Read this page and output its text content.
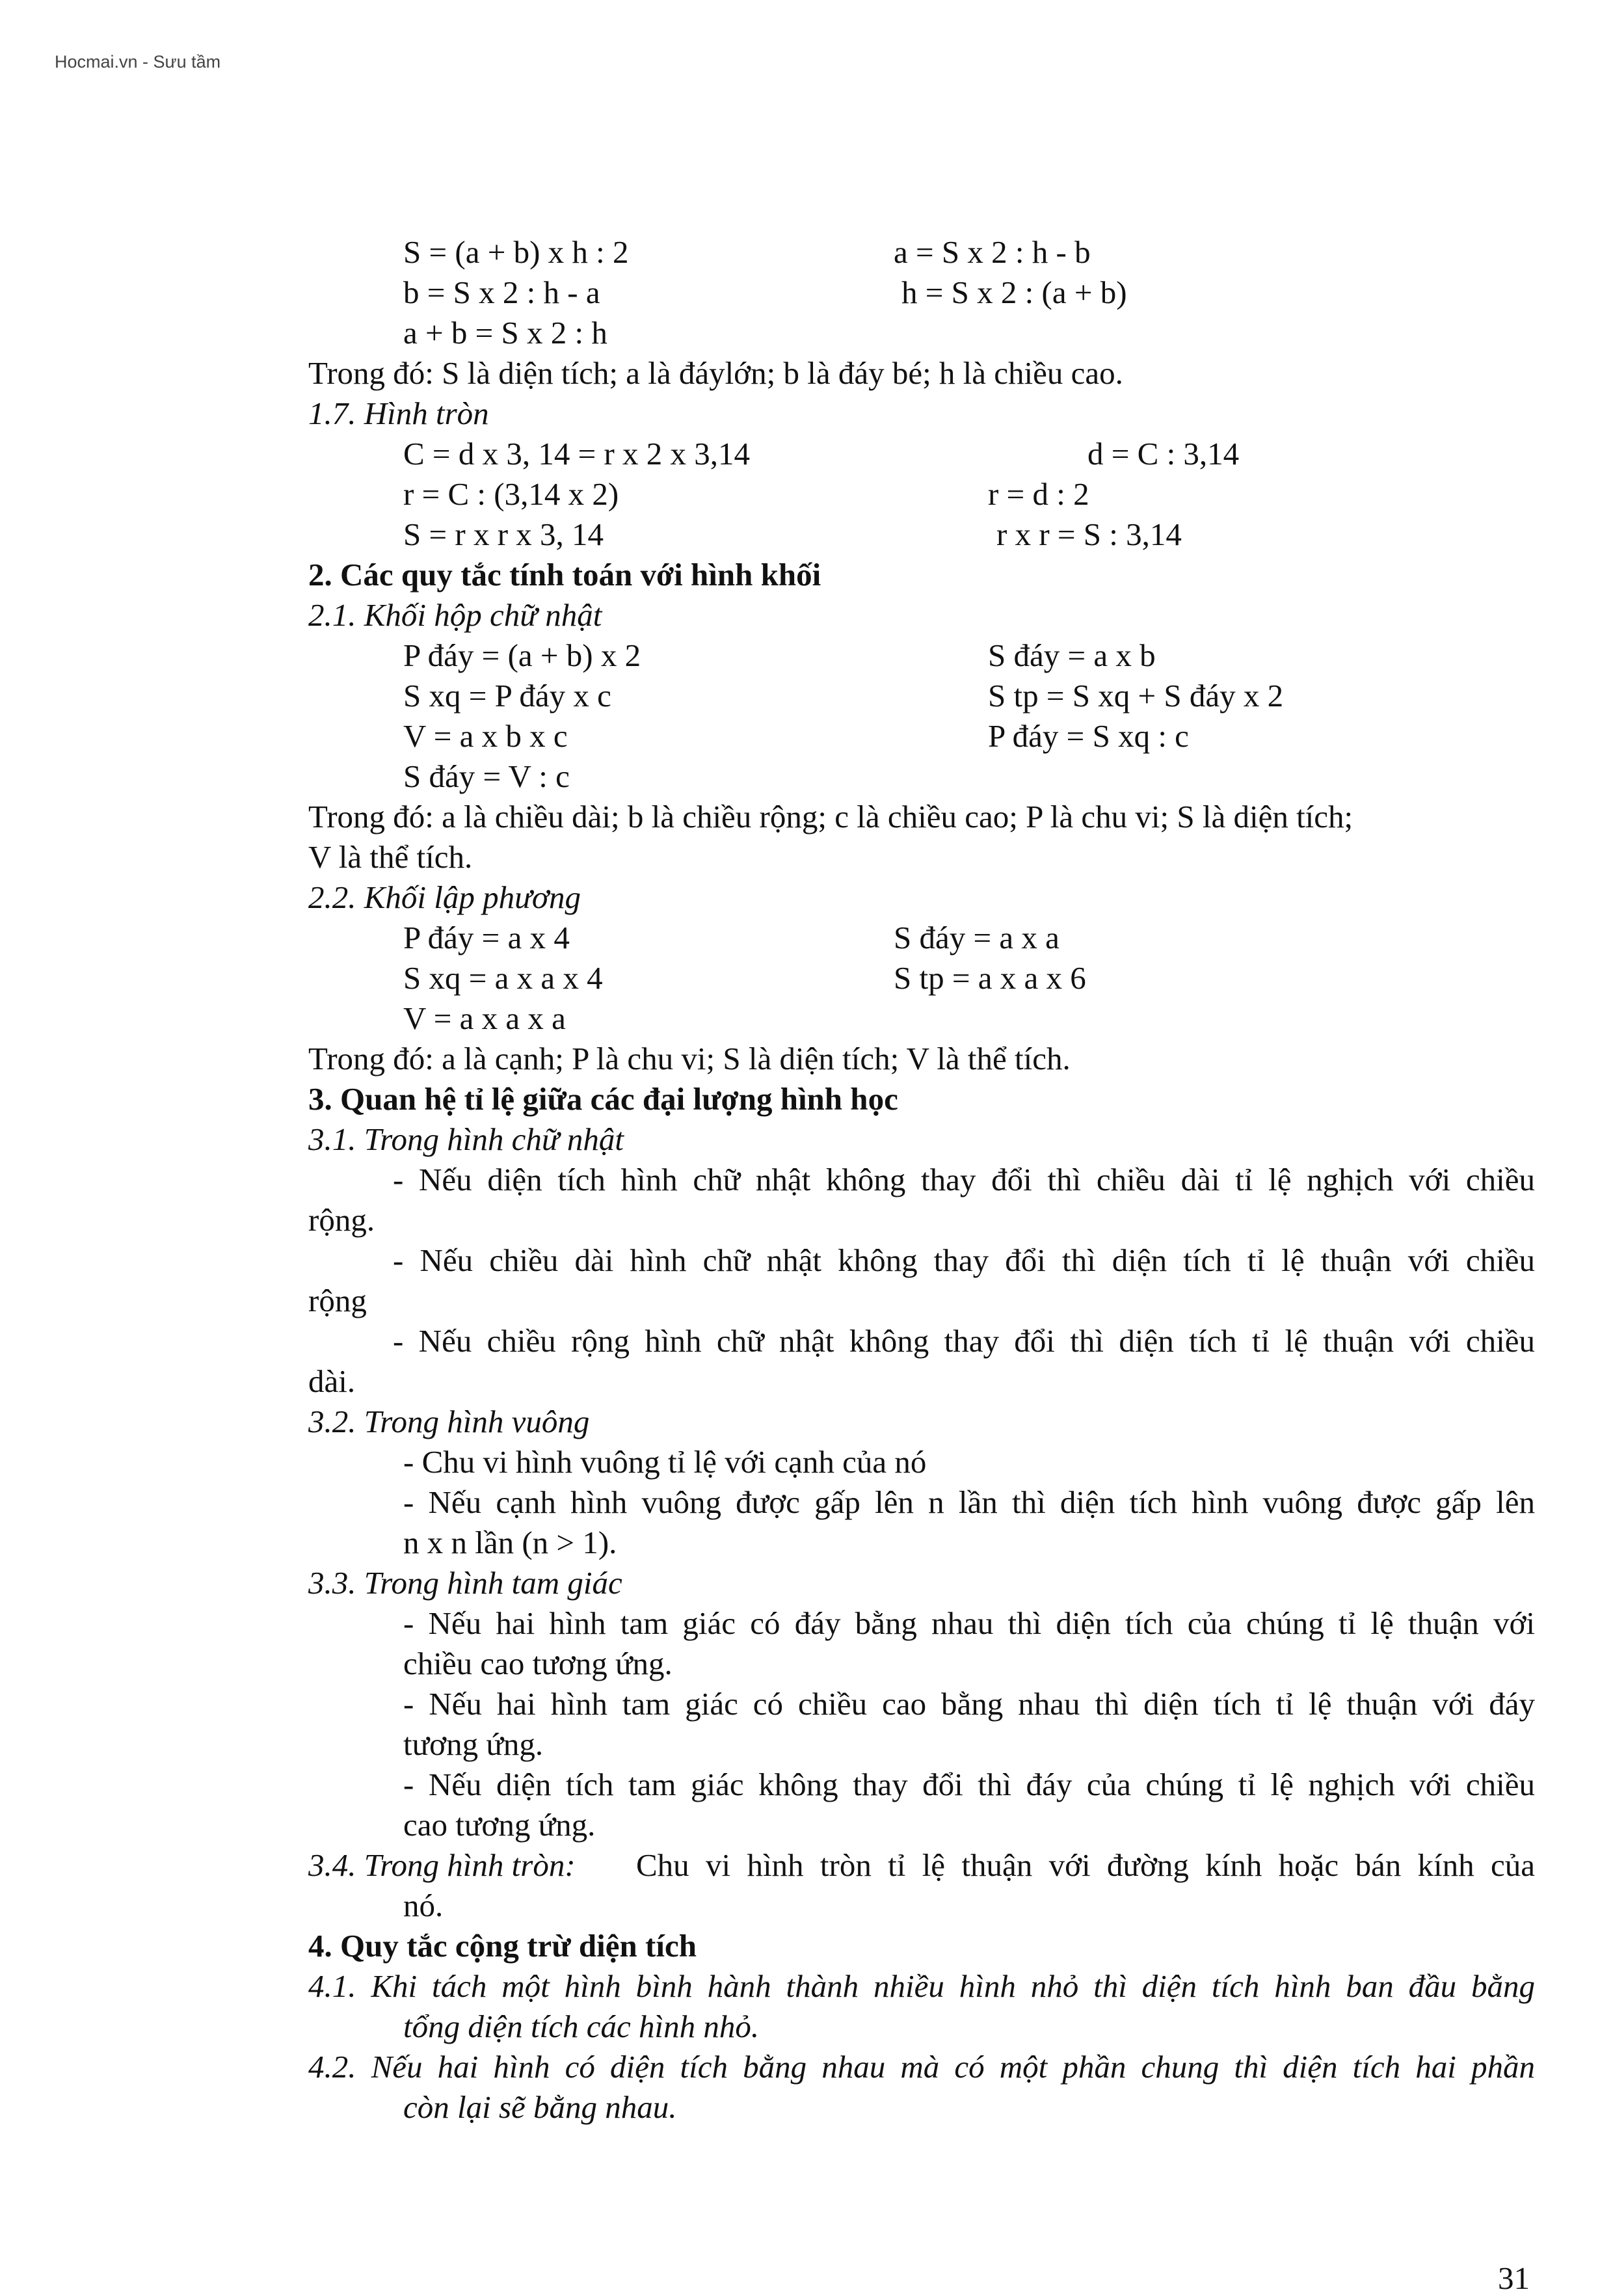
Hocmai.vn - Sưu tầm
S = (a + b) x h : 2	a = S x 2 : h - b
b = S x 2 : h - a	h = S x 2 : (a + b)
a + b = S x 2 : h
Trong đó: S là diện tích; a là đáylớn; b là đáy bé; h là chiều cao.
1.7. Hình tròn
C = d x 3, 14 = r x 2 x 3,14	d = C : 3,14
r = C : (3,14 x 2)	r = d : 2
S = r x r x 3, 14	r x r = S : 3,14
2. Các quy tắc tính toán với hình khối
2.1. Khối hộp chữ nhật
P đáy = (a + b) x 2	S đáy = a x b
S xq = P đáy x c	S tp = S xq + S đáy x 2
V = a x b x c	P đáy = S xq : c
S đáy = V : c
Trong đó: a là chiều dài; b là chiều rộng; c là chiều cao; P là chu vi; S là diện tích;
V là thể tích.
2.2. Khối lập phương
P đáy = a x 4	S đáy = a x a
S xq = a x a x 4	S tp = a x a x 6
V = a x a x a
Trong đó: a là cạnh; P là chu vi; S là diện tích; V là thể tích.
3. Quan hệ tỉ lệ giữa các đại lượng hình học
3.1. Trong hình chữ nhật
- Nếu diện tích hình chữ nhật không thay đổi thì chiều dài tỉ lệ nghịch với chiều
rộng.
- Nếu chiều dài hình chữ nhật không thay đổi thì diện tích tỉ lệ thuận với chiều
rộng
- Nếu chiều rộng hình chữ nhật không thay đổi thì diện tích tỉ lệ thuận với chiều
dài.
3.2. Trong hình vuông
- Chu vi hình vuông tỉ lệ với cạnh của nó
- Nếu cạnh hình vuông được gấp lên n lần thì diện tích hình vuông được gấp lên
n x n lần (n > 1).
3.3. Trong hình tam giác
- Nếu hai hình tam giác có đáy bằng nhau thì diện tích của chúng tỉ lệ thuận với
chiều cao tương ứng.
- Nếu hai hình tam giác có chiều cao bằng nhau thì diện tích tỉ lệ thuận với đáy
tương ứng.
- Nếu diện tích tam giác không thay đổi thì đáy của chúng tỉ lệ nghịch với chiều
cao tương ứng.
3.4. Trong hình tròn: Chu vi hình tròn tỉ lệ thuận với đường kính hoặc bán kính của
nó.
4. Quy tắc cộng trừ diện tích
4.1. Khi tách một hình bình hành thành nhiều hình nhỏ thì diện tích hình ban đầu bằng
tổng diện tích các hình nhỏ.
4.2. Nếu hai hình có diện tích bằng nhau mà có một phần chung thì diện tích hai phần
còn lại sẽ bằng nhau.
31
